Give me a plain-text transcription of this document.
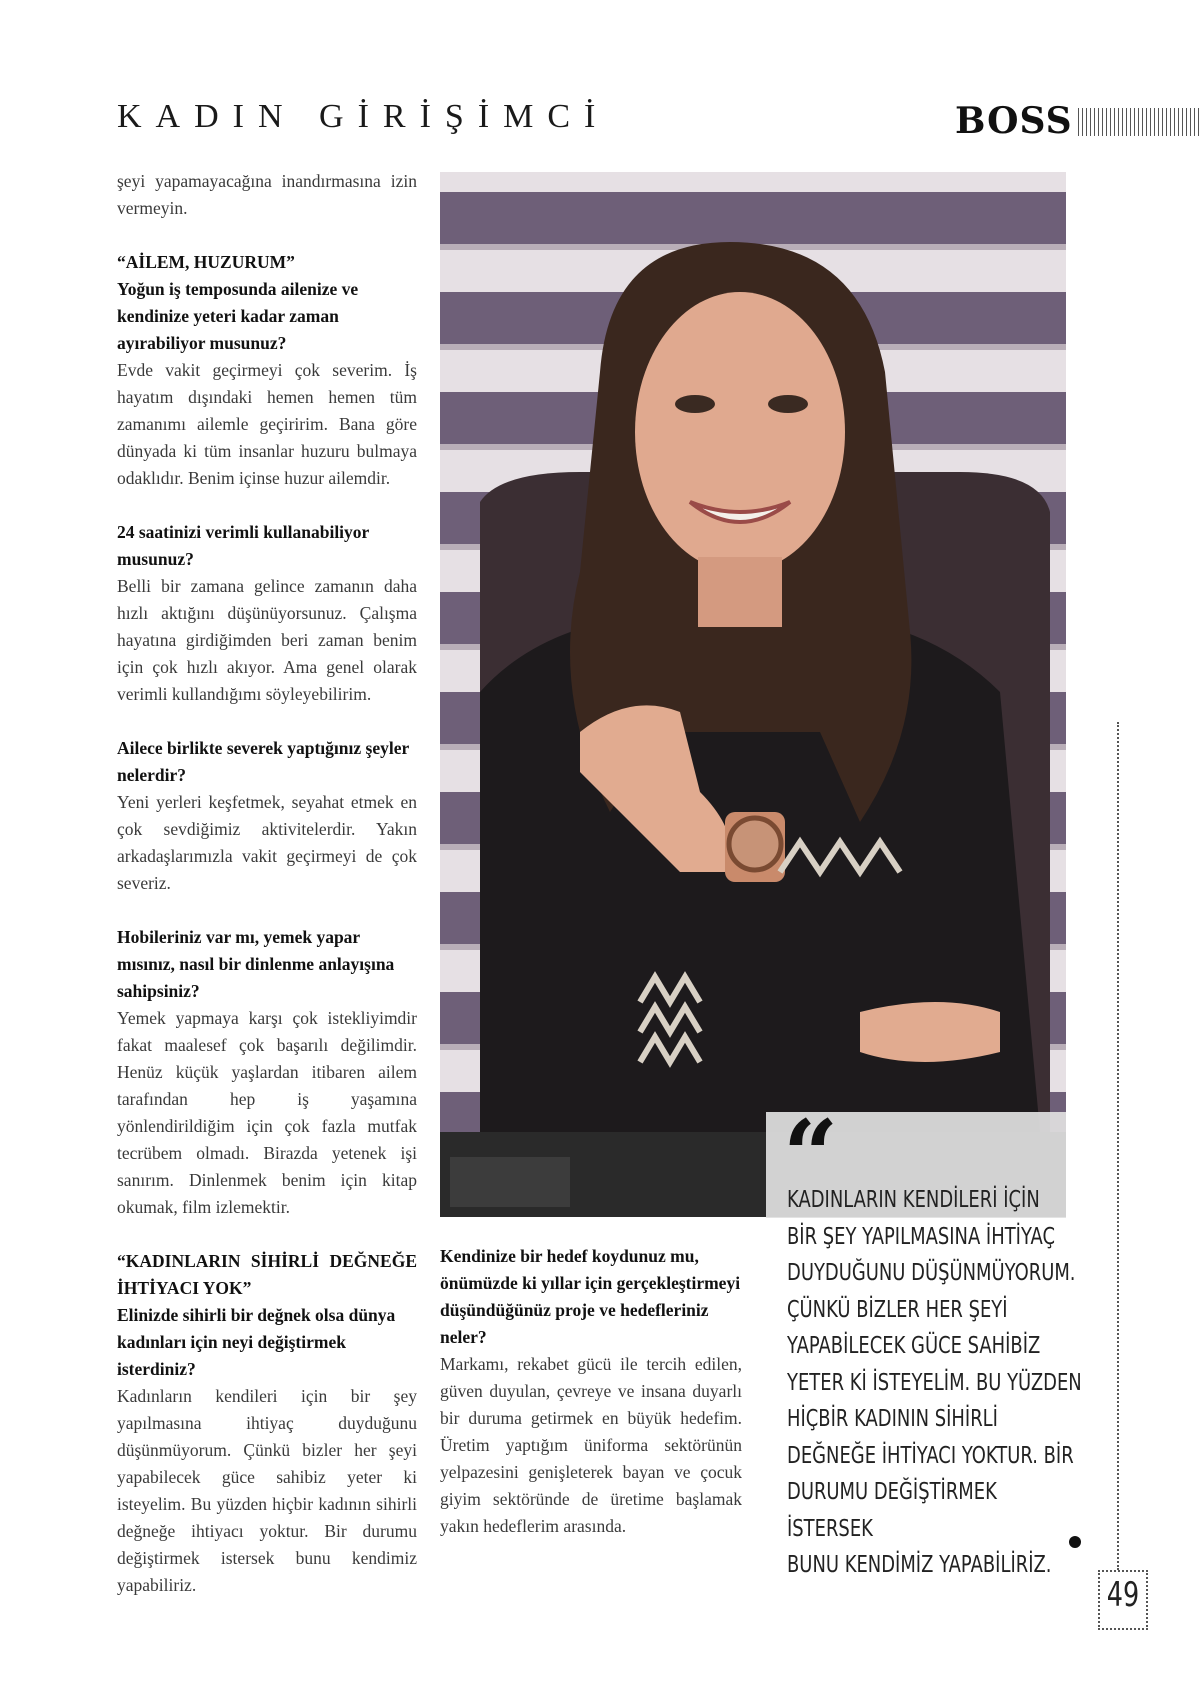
KADIN GİRİŞİMCİ	BOSS

şeyi yapamayacağına inandırmasına izin vermeyin.

“AİLEM, HUZURUM”

Yoğun iş temposunda ailenize ve kendinize yeteri kadar zaman ayırabiliyor musunuz?

Evde vakit geçirmeyi çok severim. İş hayatım dışındaki hemen hemen tüm zamanımı ailemle geçiririm. Bana göre dünyada ki tüm insanlar huzuru bulmaya odaklıdır. Benim içinse huzur ailemdir.

24 saatinizi verimli kullanabiliyor musunuz?

Belli bir zamana gelince zamanın daha hızlı aktığını düşünüyorsunuz. Çalışma hayatına girdiğimden beri zaman benim için çok hızlı akıyor. Ama genel olarak verimli kullandığımı söyleyebilirim.

Ailece birlikte severek yaptığınız şeyler nelerdir?

Yeni yerleri keşfetmek, seyahat etmek en çok sevdiğimiz aktivitelerdir. Yakın arkadaşlarımızla vakit geçirmeyi de çok severiz.

Hobileriniz var mı, yemek yapar mısınız, nasıl bir dinlenme anlayışına sahipsiniz?

Yemek yapmaya karşı çok istekliyimdir fakat maalesef çok başarılı değilimdir. Henüz küçük yaşlardan itibaren ailem tarafından hep iş yaşamına yönlendirildiğim için çok fazla mutfak tecrübem olmadı. Birazda yetenek işi sanırım. Dinlenmek benim için kitap okumak, film izlemektir.

“KADINLARIN SİHİRLİ DEĞNEĞE İHTİYACI YOK”

Elinizde sihirli bir değnek olsa dünya kadınları için neyi değiştirmek isterdiniz?

Kadınların kendileri için bir şey yapılmasına ihtiyaç duyduğunu düşünmüyorum. Çünkü bizler her şeyi yapabilecek güce sahibiz yeter ki isteyelim. Bu yüzden hiçbir kadının sihirli değneğe ihtiyacı yoktur. Bir durumu değiştirmek istersek bunu kendimiz yapabiliriz.

Kendinize bir hedef koydunuz mu, önümüzde ki yıllar için gerçekleştirmeyi düşündüğünüz proje ve hedefleriniz neler?

Markamı, rekabet gücü ile tercih edilen, güven duyulan, çevreye ve insana duyarlı bir duruma getirmek en büyük hedefim. Üretim yaptığım üniforma sektörünün yelpazesini genişleterek bayan ve çocuk giyim sektöründe de üretime başlamak yakın hedeflerim arasında.

“
KADINLARIN KENDİLERİ İÇİN
BİR ŞEY YAPILMASINA İHTİYAÇ
DUYDUĞUNU DÜŞÜNMÜYORUM.
ÇÜNKÜ BİZLER HER ŞEYİ
YAPABİLECEK GÜCE SAHİBİZ
YETER Kİ İSTEYELİM. BU YÜZDEN
HİÇBİR KADININ SİHİRLİ
DEĞNEĞE İHTİYACI YOKTUR. BİR
DURUMU DEĞİŞTİRMEK İSTERSEK
BUNU KENDİMİZ YAPABİLİRİZ.
49
